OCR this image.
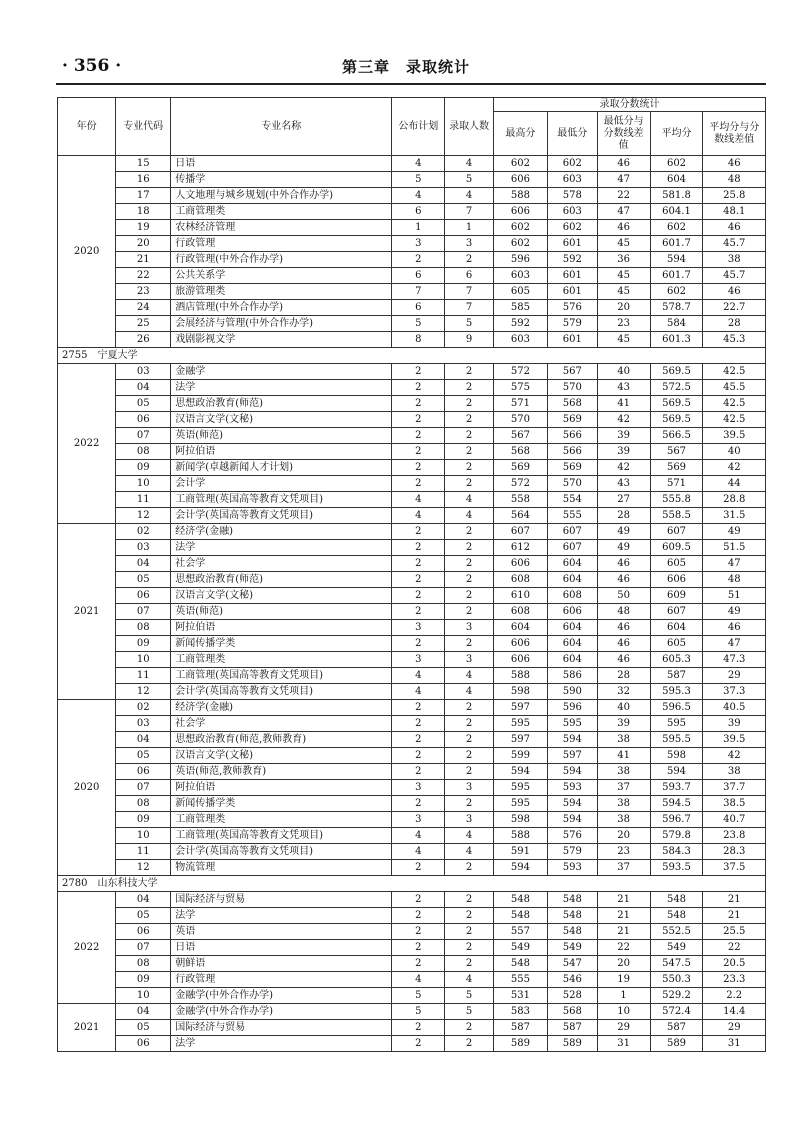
· 356 ·	第三章　录取统计
年份	专业代码	专业名称	公布计划	录取人数	录取分数统计				
					最高分	最低分	最低分与分数线差值	平均分	平均分与分数线差值
2020	15	日语	4	4	602	602	46	602	46
	16	传播学	5	5	606	603	47	604	48
	17	人文地理与城乡规划(中外合作办学)	4	4	588	578	22	581.8	25.8
	18	工商管理类	6	7	606	603	47	604.1	48.1
	19	农林经济管理	1	1	602	602	46	602	46
	20	行政管理	3	3	602	601	45	601.7	45.7
	21	行政管理(中外合作办学)	2	2	596	592	36	594	38
	22	公共关系学	6	6	603	601	45	601.7	45.7
	23	旅游管理类	7	7	605	601	45	602	46
	24	酒店管理(中外合作办学)	6	7	585	576	20	578.7	22.7
	25	会展经济与管理(中外合作办学)	5	5	592	579	23	584	28
	26	戏剧影视文学	8	9	603	601	45	601.3	45.3
2755　宁夏大学									
2022	03	金融学	2	2	572	567	40	569.5	42.5
	04	法学	2	2	575	570	43	572.5	45.5
	05	思想政治教育(师范)	2	2	571	568	41	569.5	42.5
	06	汉语言文学(文秘)	2	2	570	569	42	569.5	42.5
	07	英语(师范)	2	2	567	566	39	566.5	39.5
	08	阿拉伯语	2	2	568	566	39	567	40
	09	新闻学(卓越新闻人才计划)	2	2	569	569	42	569	42
	10	会计学	2	2	572	570	43	571	44
	11	工商管理(英国高等教育文凭项目)	4	4	558	554	27	555.8	28.8
	12	会计学(英国高等教育文凭项目)	4	4	564	555	28	558.5	31.5
2021	02	经济学(金融)	2	2	607	607	49	607	49
	03	法学	2	2	612	607	49	609.5	51.5
	04	社会学	2	2	606	604	46	605	47
	05	思想政治教育(师范)	2	2	608	604	46	606	48
	06	汉语言文学(文秘)	2	2	610	608	50	609	51
	07	英语(师范)	2	2	608	606	48	607	49
	08	阿拉伯语	3	3	604	604	46	604	46
	09	新闻传播学类	2	2	606	604	46	605	47
	10	工商管理类	3	3	606	604	46	605.3	47.3
	11	工商管理(英国高等教育文凭项目)	4	4	588	586	28	587	29
	12	会计学(英国高等教育文凭项目)	4	4	598	590	32	595.3	37.3
2020	02	经济学(金融)	2	2	597	596	40	596.5	40.5
	03	社会学	2	2	595	595	39	595	39
	04	思想政治教育(师范,教师教育)	2	2	597	594	38	595.5	39.5
	05	汉语言文学(文秘)	2	2	599	597	41	598	42
	06	英语(师范,教师教育)	2	2	594	594	38	594	38
	07	阿拉伯语	3	3	595	593	37	593.7	37.7
	08	新闻传播学类	2	2	595	594	38	594.5	38.5
	09	工商管理类	3	3	598	594	38	596.7	40.7
	10	工商管理(英国高等教育文凭项目)	4	4	588	576	20	579.8	23.8
	11	会计学(英国高等教育文凭项目)	4	4	591	579	23	584.3	28.3
	12	物流管理	2	2	594	593	37	593.5	37.5
2780　山东科技大学									
2022	04	国际经济与贸易	2	2	548	548	21	548	21
	05	法学	2	2	548	548	21	548	21
	06	英语	2	2	557	548	21	552.5	25.5
	07	日语	2	2	549	549	22	549	22
	08	朝鲜语	2	2	548	547	20	547.5	20.5
	09	行政管理	4	4	555	546	19	550.3	23.3
	10	金融学(中外合作办学)	5	5	531	528	1	529.2	2.2
2021	04	金融学(中外合作办学)	5	5	583	568	10	572.4	14.4
	05	国际经济与贸易	2	2	587	587	29	587	29
	06	法学	2	2	589	589	31	589	31
